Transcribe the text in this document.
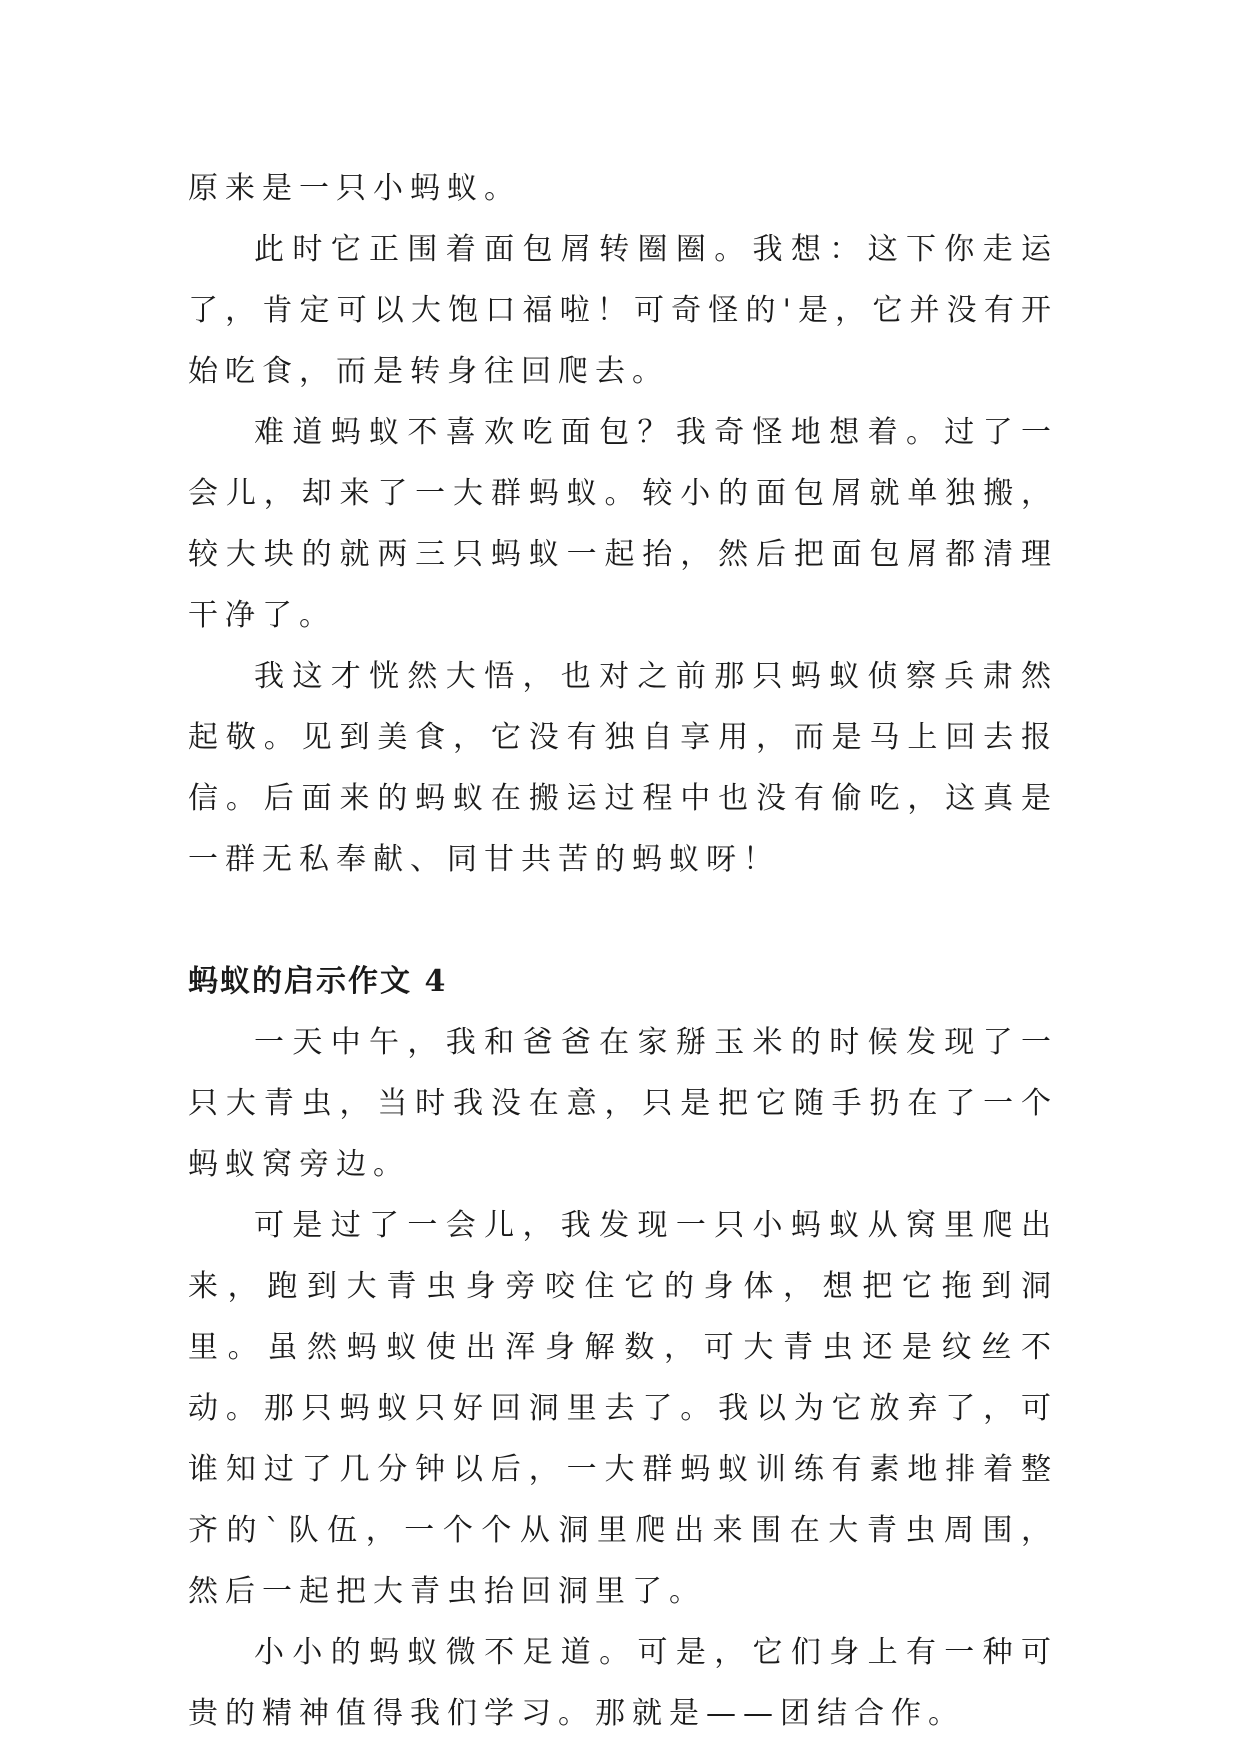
原来是一只小蚂蚁。

此时它正围着面包屑转圈圈。我想：这下你走运了，肯定可以大饱口福啦！可奇怪的'是，它并没有开始吃食，而是转身往回爬去。

难道蚂蚁不喜欢吃面包？我奇怪地想着。过了一会儿，却来了一大群蚂蚁。较小的面包屑就单独搬，较大块的就两三只蚂蚁一起抬，然后把面包屑都清理干净了。

我这才恍然大悟，也对之前那只蚂蚁侦察兵肃然起敬。见到美食，它没有独自享用，而是马上回去报信。后面来的蚂蚁在搬运过程中也没有偷吃，这真是一群无私奉献、同甘共苦的蚂蚁呀！

蚂蚁的启示作文 4

一天中午，我和爸爸在家掰玉米的时候发现了一只大青虫，当时我没在意，只是把它随手扔在了一个蚂蚁窝旁边。

可是过了一会儿，我发现一只小蚂蚁从窝里爬出来，跑到大青虫身旁咬住它的身体，想把它拖到洞里。虽然蚂蚁使出浑身解数，可大青虫还是纹丝不动。那只蚂蚁只好回洞里去了。我以为它放弃了，可谁知过了几分钟以后，一大群蚂蚁训练有素地排着整齐的`队伍，一个个从洞里爬出来围在大青虫周围，然后一起把大青虫抬回洞里了。

小小的蚂蚁微不足道。可是，它们身上有一种可贵的精神值得我们学习。那就是——团结合作。
